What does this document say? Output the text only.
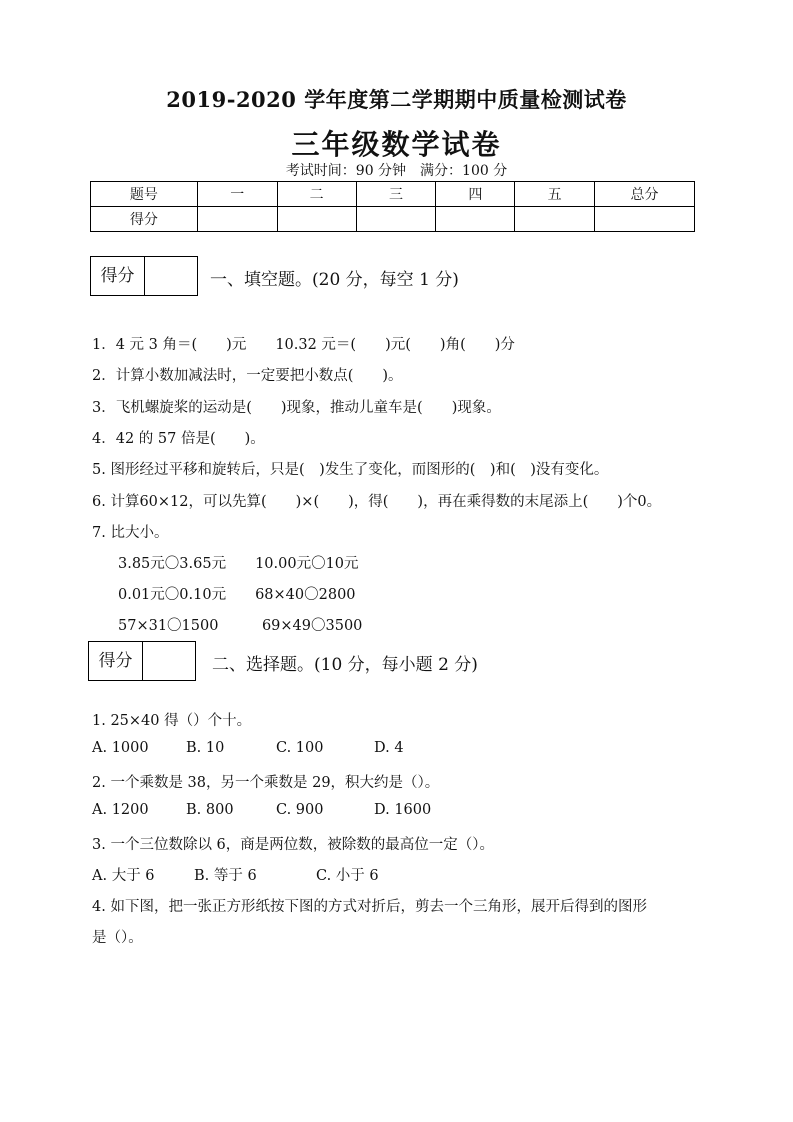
2019-2020 学年度第二学期期中质量检测试卷
三年级数学试卷
考试时间：90 分钟　满分：100 分
题号	一	二	三	四	五	总分
得分						
得分	一、填空题。(20 分，每空 1 分)
1．4 元 3 角＝(　　)元　　10.32 元＝(　　)元(　　)角(　　)分
2．计算小数加减法时，一定要把小数点(　　)。
3．飞机螺旋桨的运动是(　　)现象，推动儿童车是(　　)现象。
4．42 的 57 倍是(　　)。
5. 图形经过平移和旋转后，只是(　)发生了变化，而图形的(　)和(　)没有变化。
6. 计算60×12，可以先算(　　)×(　　)，得(　　)，再在乘得数的末尾添上(　　)个0。
7. 比大小。
3.85元〇3.65元　　10.00元〇10元
0.01元〇0.10元　　68×40〇2800
57×31〇1500　　　69×49〇3500
得分	二、选择题。(10 分，每小题 2 分)
1. 25×40 得（）个十。
A. 1000	B. 10	C. 100	D. 4
2. 一个乘数是 38，另一个乘数是 29，积大约是（）。
A. 1200	B. 800	C. 900	D. 1600
3. 一个三位数除以 6，商是两位数，被除数的最高位一定（）。
A. 大于 6	B. 等于 6	C. 小于 6
4. 如下图，把一张正方形纸按下图的方式对折后，剪去一个三角形，展开后得到的图形
是（）。
